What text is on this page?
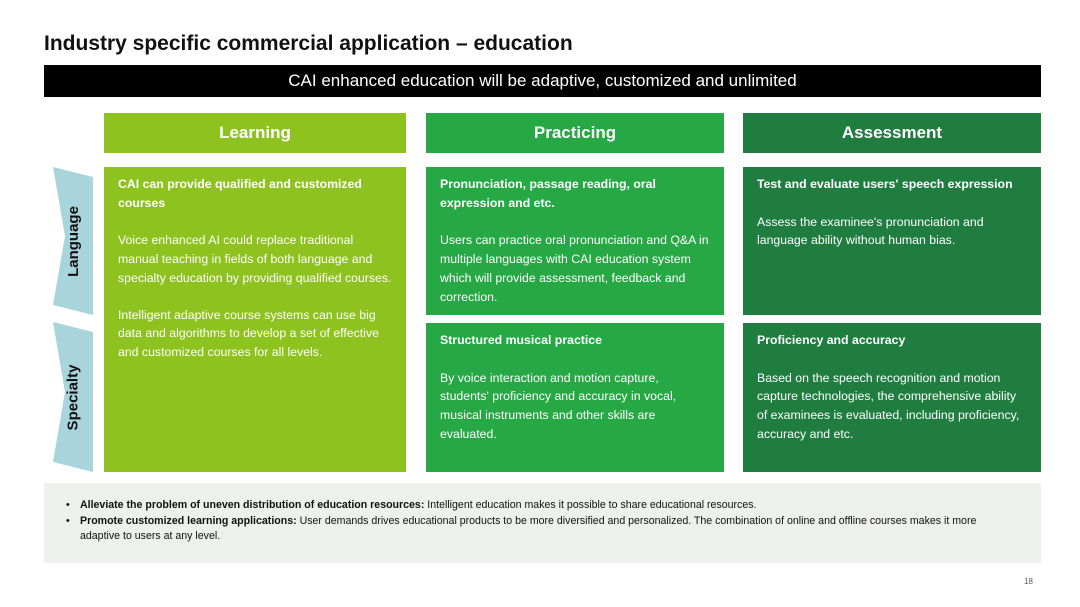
Industry specific commercial application – education
CAI enhanced education will be adaptive, customized and unlimited
Learning	Practicing	Assessment
Language
Specialty
CAI can provide qualified and customized courses

Voice enhanced AI could replace traditional manual teaching in fields of both language and specialty education by providing qualified courses.

Intelligent adaptive course systems can use big data and algorithms to develop a set of effective and customized courses for all levels.

Pronunciation, passage reading, oral expression and etc.

Users can practice oral pronunciation and Q&A in multiple languages with CAI education system which will provide assessment, feedback and correction.

Structured musical practice

By voice interaction and motion capture, students' proficiency and accuracy in vocal, musical instruments and other skills are evaluated.

Test and evaluate users' speech expression

Assess the examinee's pronunciation and language ability without human bias.

Proficiency and accuracy

Based on the speech recognition and motion capture technologies, the comprehensive ability of examinees is evaluated, including proficiency, accuracy and etc.

• Alleviate the problem of uneven distribution of education resources: Intelligent education makes it possible to share educational resources.
• Promote customized learning applications: User demands drives educational products to be more diversified and personalized. The combination of online and offline courses makes it more adaptive to users at any level.
18
